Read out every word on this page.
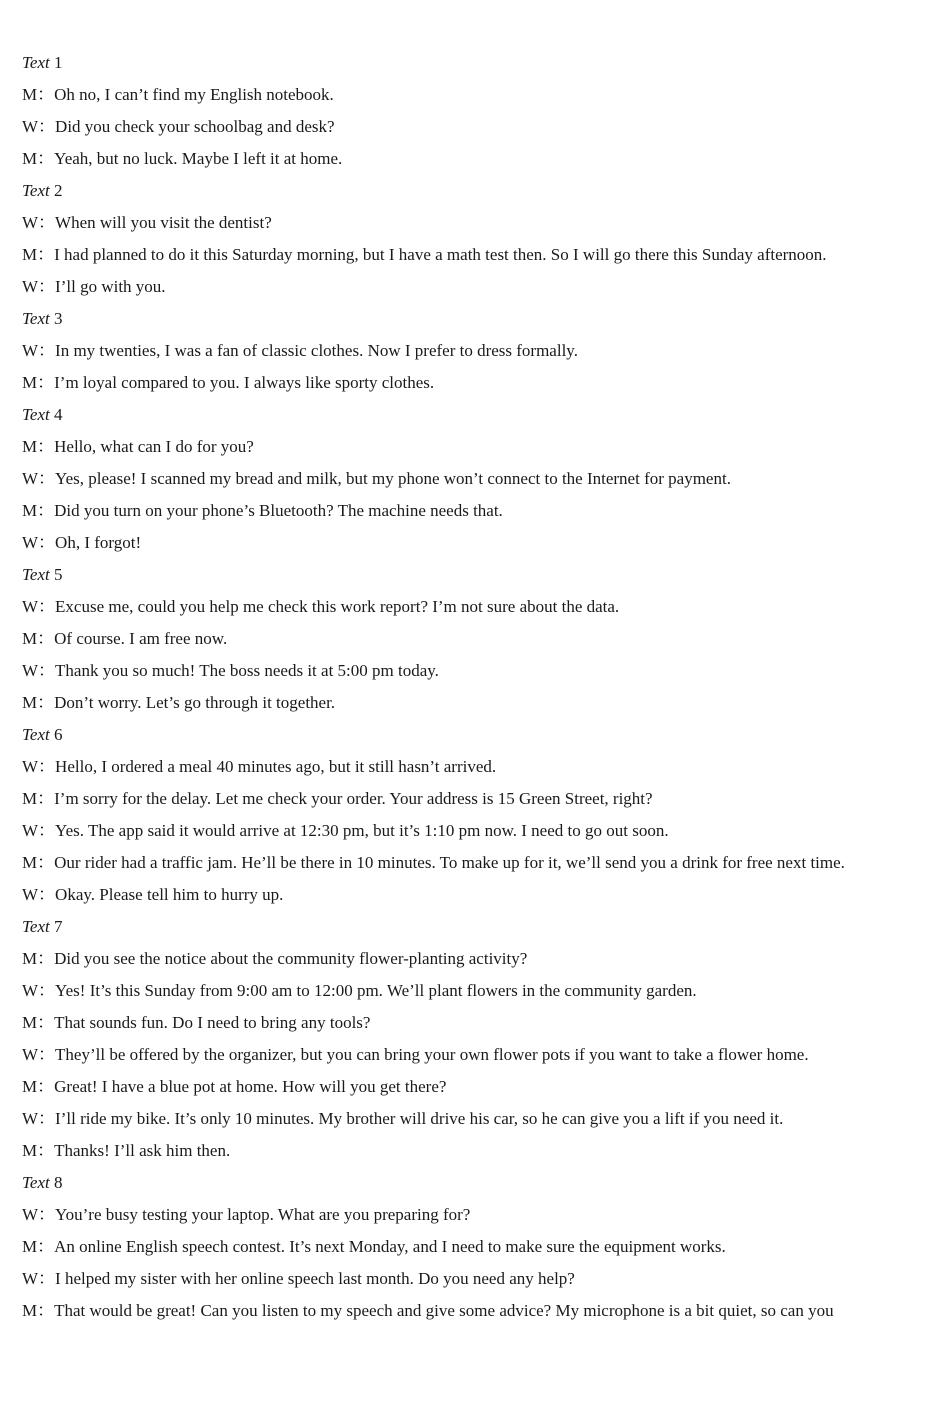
Text 1
M：Oh no, I can’t find my English notebook.
W：Did you check your schoolbag and desk?
M：Yeah, but no luck. Maybe I left it at home.
Text 2
W：When will you visit the dentist?
M：I had planned to do it this Saturday morning, but I have a math test then. So I will go there this Sunday afternoon.
W：I’ll go with you.
Text 3
W：In my twenties, I was a fan of classic clothes. Now I prefer to dress formally.
M：I’m loyal compared to you. I always like sporty clothes.
Text 4
M：Hello, what can I do for you?
W：Yes, please! I scanned my bread and milk, but my phone won’t connect to the Internet for payment.
M：Did you turn on your phone’s Bluetooth? The machine needs that.
W：Oh, I forgot!
Text 5
W：Excuse me, could you help me check this work report? I’m not sure about the data.
M：Of course. I am free now.
W：Thank you so much! The boss needs it at 5:00 pm today.
M：Don’t worry. Let’s go through it together.
Text 6
W：Hello, I ordered a meal 40 minutes ago, but it still hasn’t arrived.
M：I’m sorry for the delay. Let me check your order. Your address is 15 Green Street, right?
W：Yes. The app said it would arrive at 12:30 pm, but it’s 1:10 pm now. I need to go out soon.
M：Our rider had a traffic jam. He’ll be there in 10 minutes. To make up for it, we’ll send you a drink for free next time.
W：Okay. Please tell him to hurry up.
Text 7
M：Did you see the notice about the community flower-planting activity?
W：Yes! It’s this Sunday from 9:00 am to 12:00 pm. We’ll plant flowers in the community garden.
M：That sounds fun. Do I need to bring any tools?
W：They’ll be offered by the organizer, but you can bring your own flower pots if you want to take a flower home.
M：Great! I have a blue pot at home. How will you get there?
W：I’ll ride my bike. It’s only 10 minutes. My brother will drive his car, so he can give you a lift if you need it.
M：Thanks! I’ll ask him then.
Text 8
W：You’re busy testing your laptop. What are you preparing for?
M：An online English speech contest. It’s next Monday, and I need to make sure the equipment works.
W：I helped my sister with her online speech last month. Do you need any help?
M：That would be great! Can you listen to my speech and give some advice? My microphone is a bit quiet, so can you
